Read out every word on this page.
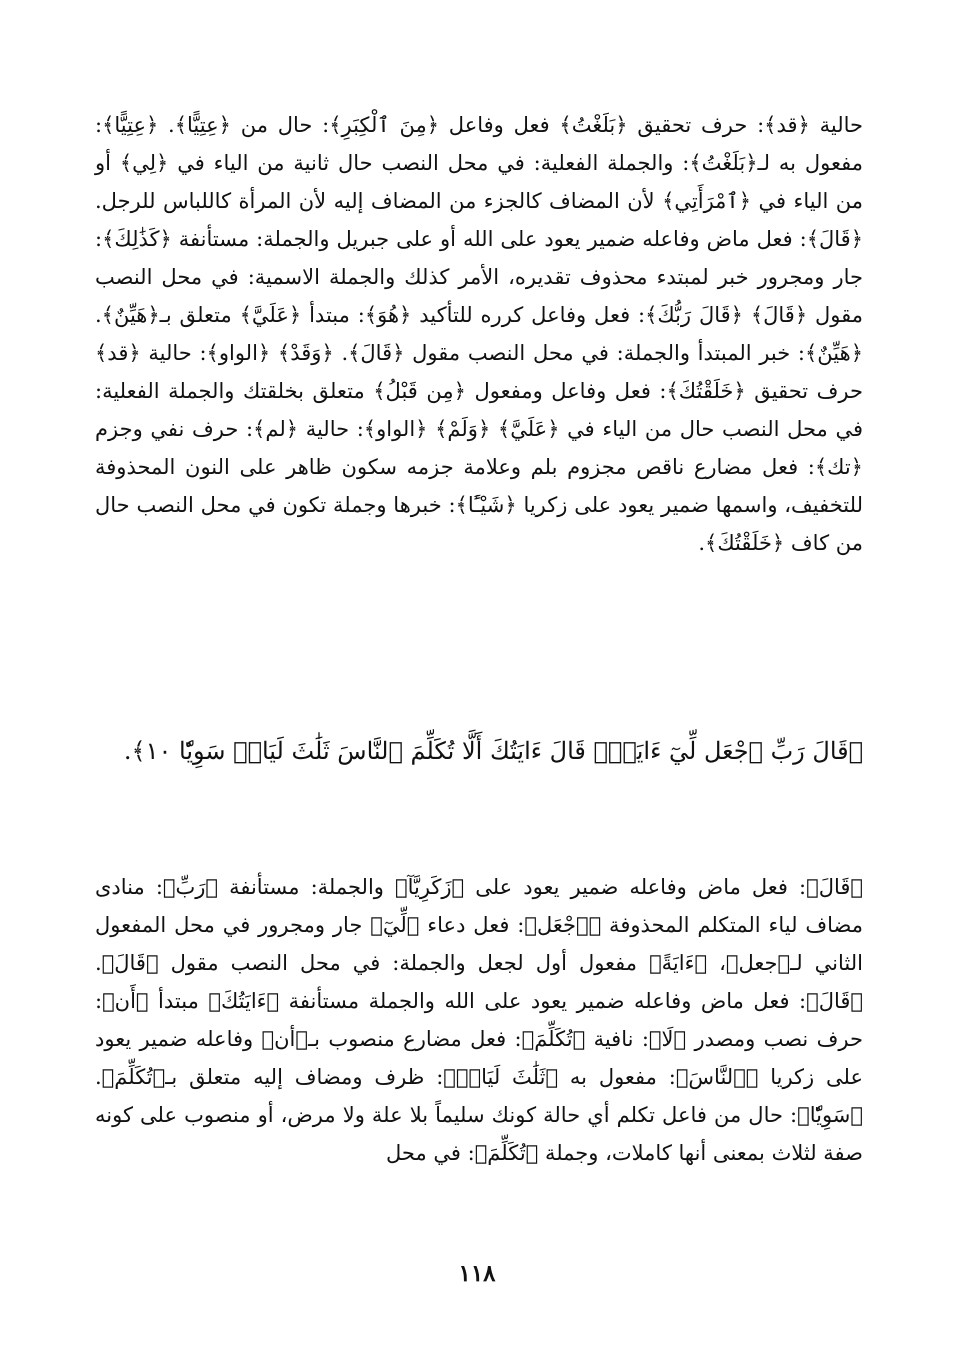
حالية ﴿قد﴾: حرف تحقيق ﴿بَلَغْتُ﴾ فعل وفاعل ﴿مِنَ ٱلْكِبَرِ﴾: حال من ﴿عِتِيًّا﴾. ﴿عِتِيًّا﴾: مفعول به لـ﴿بَلَغْتُ﴾: والجملة الفعلية: في محل النصب حال ثانية من الياء في ﴿لِي﴾ أو من الياء في ﴿ٱمْرَأَتِي﴾ لأن المضاف كالجزء من المضاف إليه لأن المرأة كاللباس للرجل. ﴿قَالَ﴾: فعل ماض وفاعله ضمير يعود على الله أو على جبريل والجملة: مستأنفة ﴿كَذَٰلِكَ﴾: جار ومجرور خبر لمبتدء محذوف تقديره، الأمر كذلك والجملة الاسمية: في محل النصب مقول ﴿قَالَ﴾ ﴿قَالَ رَبُّكَ﴾: فعل وفاعل كرره للتأكيد ﴿هُوَ﴾: مبتدأ ﴿عَلَيَّ﴾ متعلق بـ﴿هَيِّنٌ﴾. ﴿هَيِّنٌ﴾: خبر المبتدأ والجملة: في محل النصب مقول ﴿قَالَ﴾. ﴿وَقَدْ﴾ ﴿الواو﴾: حالية ﴿قد﴾ حرف تحقيق ﴿خَلَقْتُكَ﴾: فعل وفاعل ومفعول ﴿مِن قَبْلُ﴾ متعلق بخلقتك والجملة الفعلية: في محل النصب حال من الياء في ﴿عَلَيَّ﴾ ﴿وَلَمْ﴾ ﴿الواو﴾: حالية ﴿لم﴾: حرف نفي وجزم ﴿تك﴾: فعل مضارع ناقص مجزوم بلم وعلامة جزمه سكون ظاهر على النون المحذوفة للتخفيف، واسمها ضمير يعود على زكريا ﴿شَيْـًٔا﴾: خبرها وجملة تكون في محل النصب حال من كاف ﴿خَلَقْتُكَ﴾.

﴿قَالَ رَبِّ ٱجْعَل لِّيٓ ءَايَةًۚ قَالَ ءَايَتُكَ أَلَّا تُكَلِّمَ ٱلنَّاسَ ثَلَٰثَ لَيَالٖ سَوِيّٗا ١٠﴾.

﴿قَالَ﴾: فعل ماض وفاعله ضمير يعود على ﴿زَكَرِيَّآ﴾ والجملة: مستأنفة ﴿رَبِّ﴾: منادى مضاف لياء المتكلم المحذوفة ﴿ٱجْعَل﴾: فعل دعاء ﴿لِّيٓ﴾ جار ومجرور في محل المفعول الثاني لـ﴿جعل﴾، ﴿ءَايَةً﴾ مفعول أول لجعل والجملة: في محل النصب مقول ﴿قَالَ﴾. ﴿قَالَ﴾: فعل ماض وفاعله ضمير يعود على الله والجملة مستأنفة ﴿ءَايَتُكَ﴾ مبتدأ ﴿أَن﴾: حرف نصب ومصدر ﴿لَا﴾: نافية ﴿تُكَلِّمَ﴾: فعل مضارع منصوب بـ﴿أن﴾ وفاعله ضمير يعود على زكريا ﴿ٱلنَّاسَ﴾: مفعول به ﴿ثَلَٰثَ لَيَالٖ﴾: ظرف ومضاف إليه متعلق بـ﴿تُكَلِّمَ﴾. ﴿سَوِيّٗا﴾: حال من فاعل تكلم أي حالة كونك سليماً بلا علة ولا مرض، أو منصوب على كونه صفة لثلاث بمعنى أنها كاملات، وجملة ﴿تُكَلِّمَ﴾: في محل

١١٨
